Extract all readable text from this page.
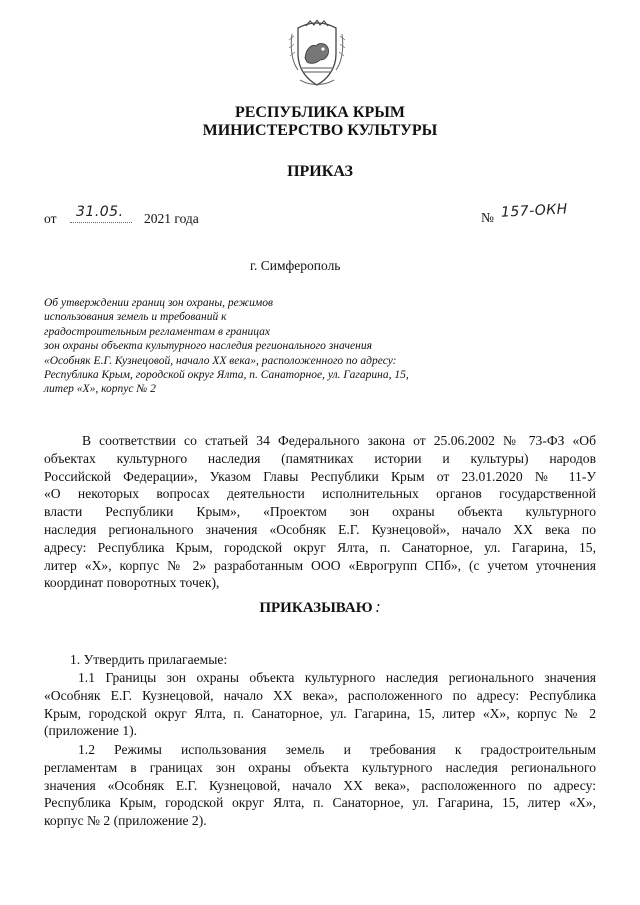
РЕСПУБЛИКА КРЫМ
МИНИСТЕРСТВО КУЛЬТУРЫ
ПРИКАЗ
от 31.05. 2021 года	№ 157-ОКН
г. Симферополь
Об утверждении границ зон охраны, режимов
использования земель и требований к
градостроительным регламентам в границах
зон охраны объекта культурного наследия регионального значения
«Особняк Е.Г. Кузнецовой, начало XX века», расположенного по адресу:
Республика Крым, городской округ Ялта, п. Санаторное, ул. Гагарина, 15,
литер «Х», корпус № 2
В соответствии со статьей 34 Федерального закона от 25.06.2002 № 73-ФЗ «Об
объектах культурного наследия (памятниках истории и культуры) народов
Российской Федерации», Указом Главы Республики Крым от 23.01.2020 № 11-У
«О некоторых вопросах деятельности исполнительных органов государственной
власти Республики Крым», «Проектом зон охраны объекта культурного
наследия регионального значения «Особняк Е.Г. Кузнецовой», начало XX века по
адресу: Республика Крым, городской округ Ялта, п. Санаторное, ул. Гагарина, 15,
литер «Х», корпус № 2» разработанным ООО «Еврогрупп СПб», (с учетом уточнения
координат поворотных точек),
ПРИКАЗЫВАЮ :
1. Утвердить прилагаемые:
1.1 Границы зон охраны объекта культурного наследия регионального значения
«Особняк Е.Г. Кузнецовой, начало XX века», расположенного по адресу: Республика
Крым, городской округ Ялта, п. Санаторное, ул. Гагарина, 15, литер «Х», корпус № 2
(приложение 1).
1.2 Режимы использования земель и требования к градостроительным
регламентам в границах зон охраны объекта культурного наследия регионального
значения «Особняк Е.Г. Кузнецовой, начало XX века», расположенного по адресу:
Республика Крым, городской округ Ялта, п. Санаторное, ул. Гагарина, 15, литер «Х»,
корпус № 2 (приложение 2).
